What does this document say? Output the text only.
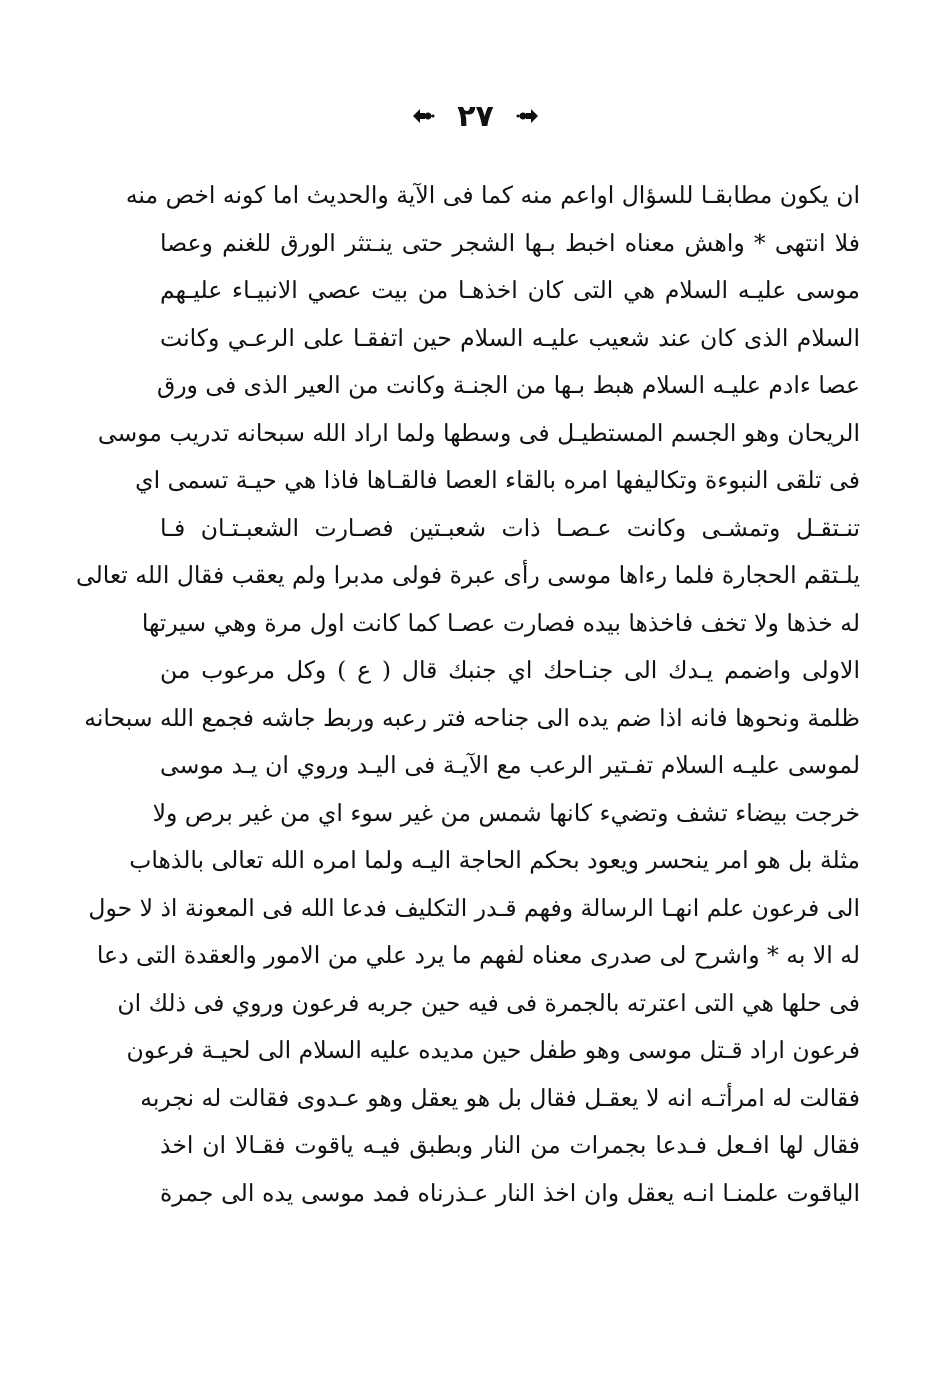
٢٧
ان يكون مطابقـا للسؤال اواعم منه كما فى الآية والحديث اما كونه اخص منه
فلا انتهى * واهش معناه اخبط بـها الشجر حتى ينـتثر الورق للغنم وعصا
موسى عليـه السلام هي التى كان اخذهـا من بيت عصي الانبيـاء عليـهم
السلام الذى كان عند شعيب عليـه السلام حين اتفقـا على الرعـي وكانت
عصا ءادم عليـه السلام هبط بـها من الجنـة وكانت من العير الذى فى ورق
الريحان وهو الجسم المستطيـل فى وسطها ولما اراد الله سبحانه تدريب موسى
فى تلقى النبوءة وتكاليفها امره بالقاء العصا فالقـاها فاذا هي حيـة تسمى اي
تنـتقـل وتمشـى وكانت عـصـا ذات شعبـتين فصـارت الشعبـتـان فـا
يلـتقم الحجارة فلما رءاها موسى رأى عبرة فولى مدبرا ولم يعقب فقال الله تعالى
له خذها ولا تخف فاخذها بيده فصارت عصـا كما كانت اول مرة وهي سيرتها
الاولى واضمم يـدك الى جنـاحك اي جنبك قال ( ع ) وكل مرعوب من
ظلمة ونحوها فانه اذا ضم يده الى جناحه فتر رعبه وربط جاشه فجمع الله سبحانه
لموسى عليـه السلام تفـتير الرعب مع الآيـة فى اليـد وروي ان يـد موسى
خرجت بيضاء تشف وتضيء كانها شمس من غير سوء اي من غير برص ولا
مثلة بل هو امر ينحسر ويعود بحكم الحاجة اليـه ولما امره الله تعالى بالذهاب
الى فرعون علم انهـا الرسالة وفهم قـدر التكليف فدعا الله فى المعونة اذ لا حول
له الا به * واشرح لى صدرى معناه لفهم ما يرد علي من الامور والعقدة التى دعا
فى حلها هي التى اعترته بالجمرة فى فيه حين جربه فرعون وروي فى ذلك ان
فرعون اراد قـتل موسى وهو طفل حين مديده عليه السلام الى لحيـة فرعون
فقالت له امرأتـه انه لا يعقـل فقال بل هو يعقل وهو عـدوى فقالت له نجربه
فقال لها افـعل فـدعا بجمرات من النار وبطبق فيـه ياقوت فقـالا ان اخذ
الياقوت علمنـا انـه يعقل وان اخذ النار عـذرناه فمد موسى يده الى جمرة
